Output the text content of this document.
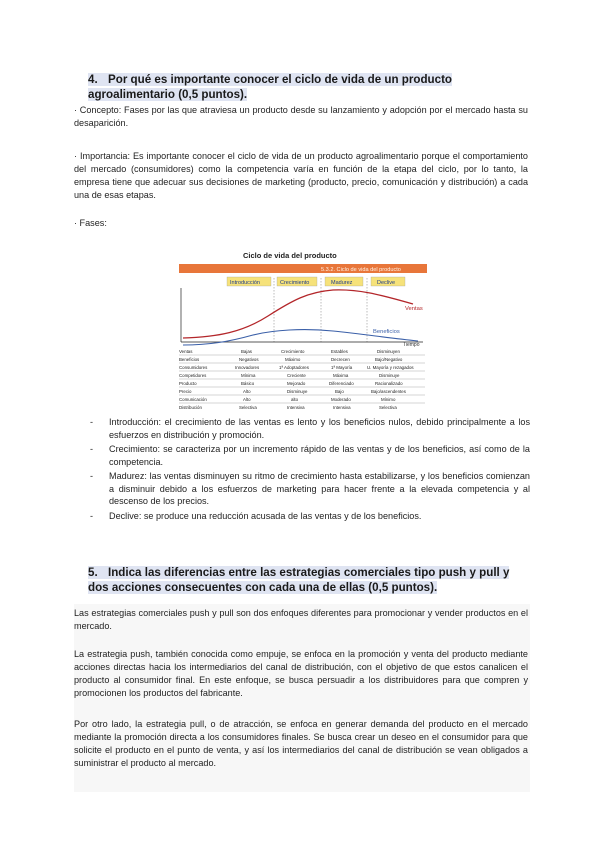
4. Por qué es importante conocer el ciclo de vida de un producto agroalimentario (0,5 puntos).

· Concepto: Fases por las que atraviesa un producto desde su lanzamiento y adopción por el mercado hasta su desaparición.

· Importancia: Es importante conocer el ciclo de vida de un producto agroalimentario porque el comportamiento del mercado (consumidores) como la competencia varía en función de la etapa del ciclo, por lo tanto, la empresa tiene que adecuar sus decisiones de marketing (producto, precio, comunicación y distribución) a cada una de esas etapas.

· Fases:

Ciclo de vida del producto
5.3.2. Ciclo de vida del producto
Introducción	Crecimiento	Madurez	Declive
Ventas
Beneficios
Tiempo
Ventas	Bajas	Crecimiento	Estables	Disminuyen
Beneficios	Negativos	Máximo	Decrecen	Bajo/Negativo
Consumidores	Innovadores	1ª Adoptadores	1ª Mayoría	U. Mayoría y rezagados
Competidores	Mínima	Creciente	Máxima	Disminuye
Producto	Básico	Mejorado	Diferenciado	Racionalizado
Precio	Alto	Disminuye	Bajo	Bajo/ascendentes
Comunicación	Alto	alto	Moderado	Mínimo
Distribución	Selectiva	Intensiva	Intensiva	Selectiva
- Introducción: el crecimiento de las ventas es lento y los beneficios nulos, debido principalmente a los esfuerzos en distribución y promoción.
- Crecimiento: se caracteriza por un incremento rápido de las ventas y de los beneficios, así como de la competencia.
- Madurez: las ventas disminuyen su ritmo de crecimiento hasta estabilizarse, y los beneficios comienzan a disminuir debido a los esfuerzos de marketing para hacer frente a la elevada competencia y al descenso de los precios.
- Declive: se produce una reducción acusada de las ventas y de los beneficios.
5. Indica las diferencias entre las estrategias comerciales tipo push y pull y dos acciones consecuentes con cada una de ellas (0,5 puntos).

Las estrategias comerciales push y pull son dos enfoques diferentes para promocionar y vender productos en el mercado.

La estrategia push, también conocida como empuje, se enfoca en la promoción y venta del producto mediante acciones directas hacia los intermediarios del canal de distribución, con el objetivo de que estos canalicen el producto al consumidor final. En este enfoque, se busca persuadir a los distribuidores para que compren y promocionen los productos del fabricante.

Por otro lado, la estrategia pull, o de atracción, se enfoca en generar demanda del producto en el mercado mediante la promoción directa a los consumidores finales. Se busca crear un deseo en el consumidor para que solicite el producto en el punto de venta, y así los intermediarios del canal de distribución se vean obligados a suministrar el producto al mercado.
